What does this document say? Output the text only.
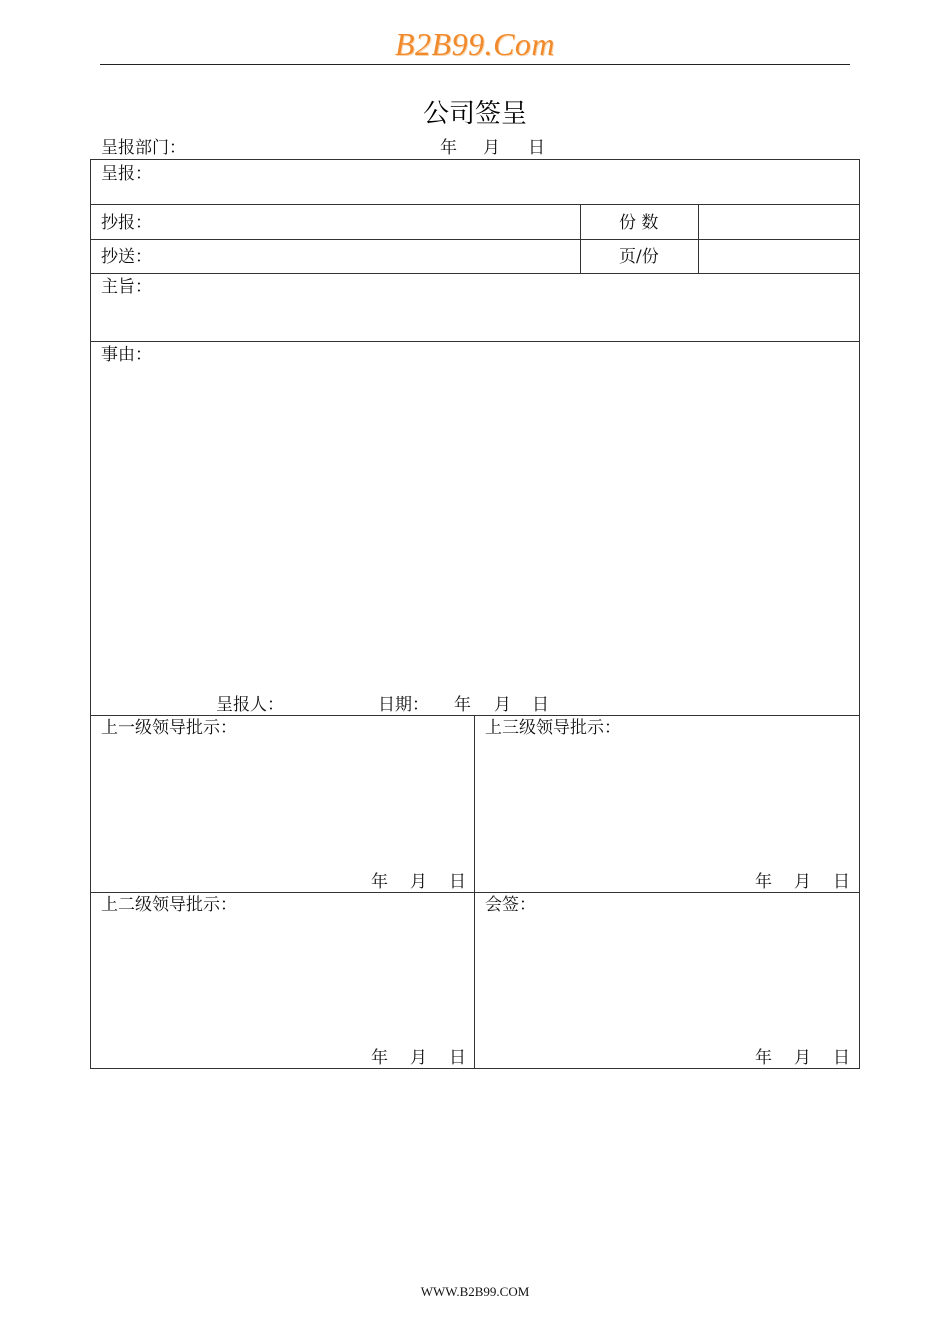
B2B99.Com
公司签呈
呈报部门：	年 月 日
呈报：
抄报：	份 数
抄送：	页/份
主旨：
事由：
呈报人：	日期： 年 月 日
上一级领导批示：
年 月 日
上三级领导批示：
年 月 日
上二级领导批示：
年 月 日
会签：
年 月 日
WWW.B2B99.COM
